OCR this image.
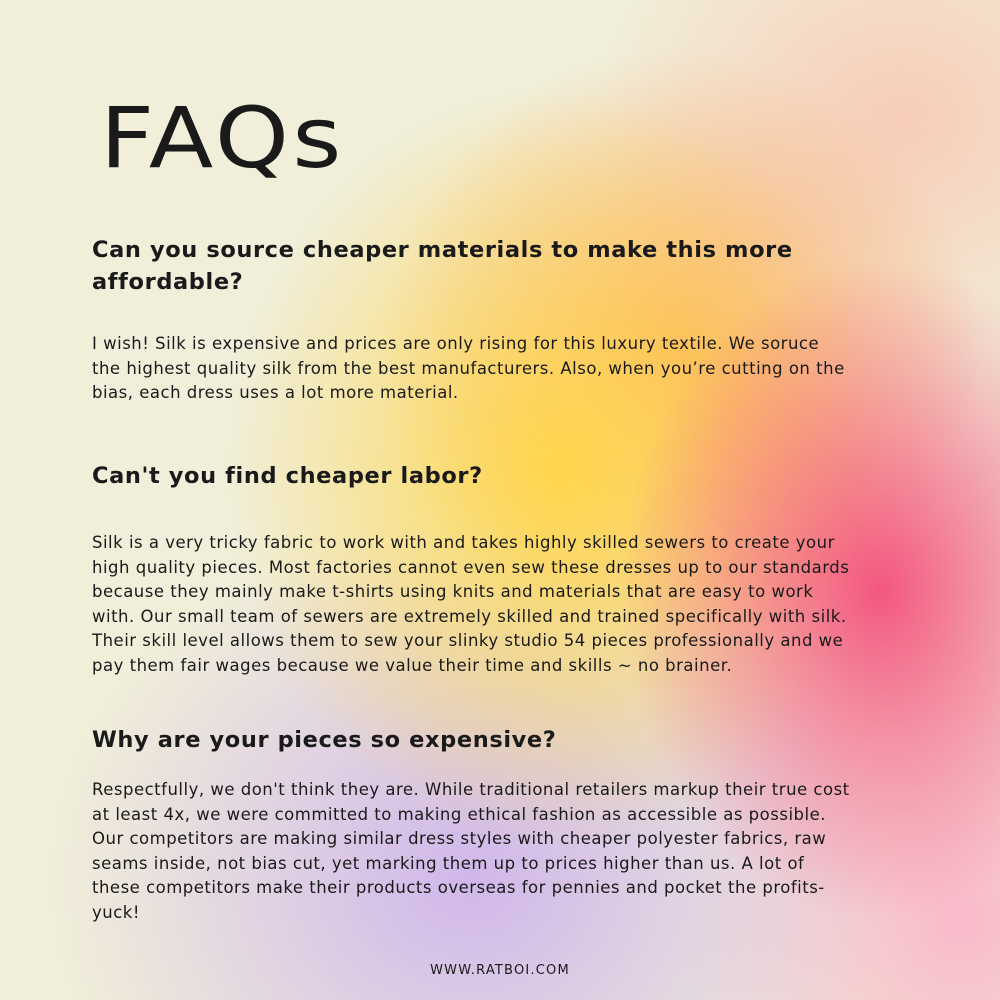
FAQs
Can you source cheaper materials to make this more affordable?

I wish! Silk is expensive and prices are only rising for this luxury textile. We soruce the highest quality silk from the best manufacturers. Also, when you’re cutting on the bias, each dress uses a lot more material.

Can't you find cheaper labor?

Silk is a very tricky fabric to work with and takes highly skilled sewers to create your high quality pieces. Most factories cannot even sew these dresses up to our standards because they mainly make t-shirts using knits and materials that are easy to work with. Our small team of sewers are extremely skilled and trained specifically with silk. Their skill level allows them to sew your slinky studio 54 pieces professionally and we pay them fair wages because we value their time and skills ~ no brainer.

Why are your pieces so expensive?

Respectfully, we don't think they are. While traditional retailers markup their true cost at least 4x, we were committed to making ethical fashion as accessible as possible. Our competitors are making similar dress styles with cheaper polyester fabrics, raw seams inside, not bias cut, yet marking them up to prices higher than us. A lot of these competitors make their products overseas for pennies and pocket the profits-yuck!

WWW.RATBOI.COM
